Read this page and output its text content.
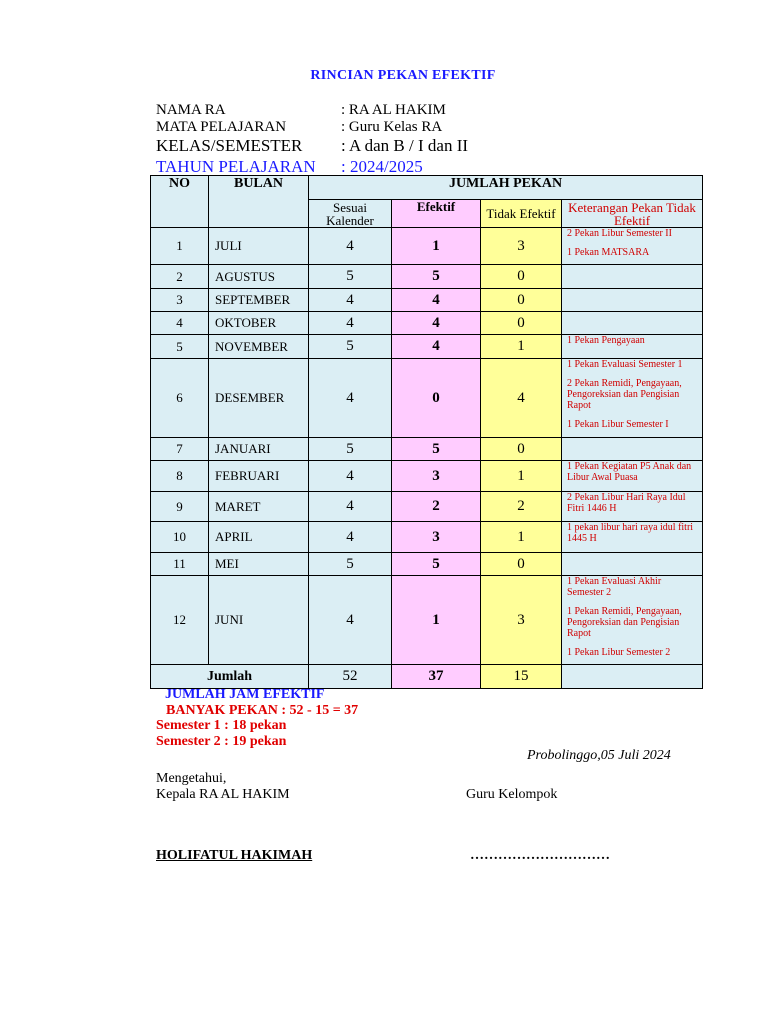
RINCIAN PEKAN EFEKTIF
NAMA RA	: RA AL HAKIM
MATA PELAJARAN	: Guru Kelas RA
KELAS/SEMESTER	: A dan B / I dan II
TAHUN PELAJARAN	: 2024/2025
NO	BULAN	JUMLAH PEKAN			
		Sesuai Kalender	Efektif	Tidak Efektif	Keterangan Pekan Tidak Efektif
1	JULI	4	1	3	2 Pekan Libur Semester II
1 Pekan MATSARA

2	AGUSTUS	5	5	0	
3	SEPTEMBER	4	4	0	
4	OKTOBER	4	4	0	
5	NOVEMBER	5	4	1	1 Pekan Pengayaan

6	DESEMBER	4	0	4	1 Pekan Evaluasi Semester 1
2 Pekan Remidi, Pengayaan, Pengoreksian dan Pengisian Rapot
1 Pekan Libur Semester I

7	JANUARI	5	5	0	
8	FEBRUARI	4	3	1	1 Pekan Kegiatan P5 Anak dan Libur Awal Puasa

9	MARET	4	2	2	2 Pekan Libur Hari Raya Idul Fitri 1446 H

10	APRIL	4	3	1	1 pekan libur hari raya idul fitri 1445 H

11	MEI	5	5	0	
12	JUNI	4	1	3	1 Pekan Evaluasi Akhir Semester 2
1 Pekan Remidi, Pengayaan, Pengoreksian dan Pengisian Rapot
1 Pekan Libur Semester 2

Jumlah		52	37	15	
JUMLAH JAM EFEKTIF
BANYAK PEKAN : 52 - 15 = 37
Semester 1 : 18 pekan
Semester 2 : 19 pekan
Probolinggo,05 Juli 2024
Mengetahui,
Kepala RA AL HAKIM	Guru Kelompok
HOLIFATUL HAKIMAH	…………………………
